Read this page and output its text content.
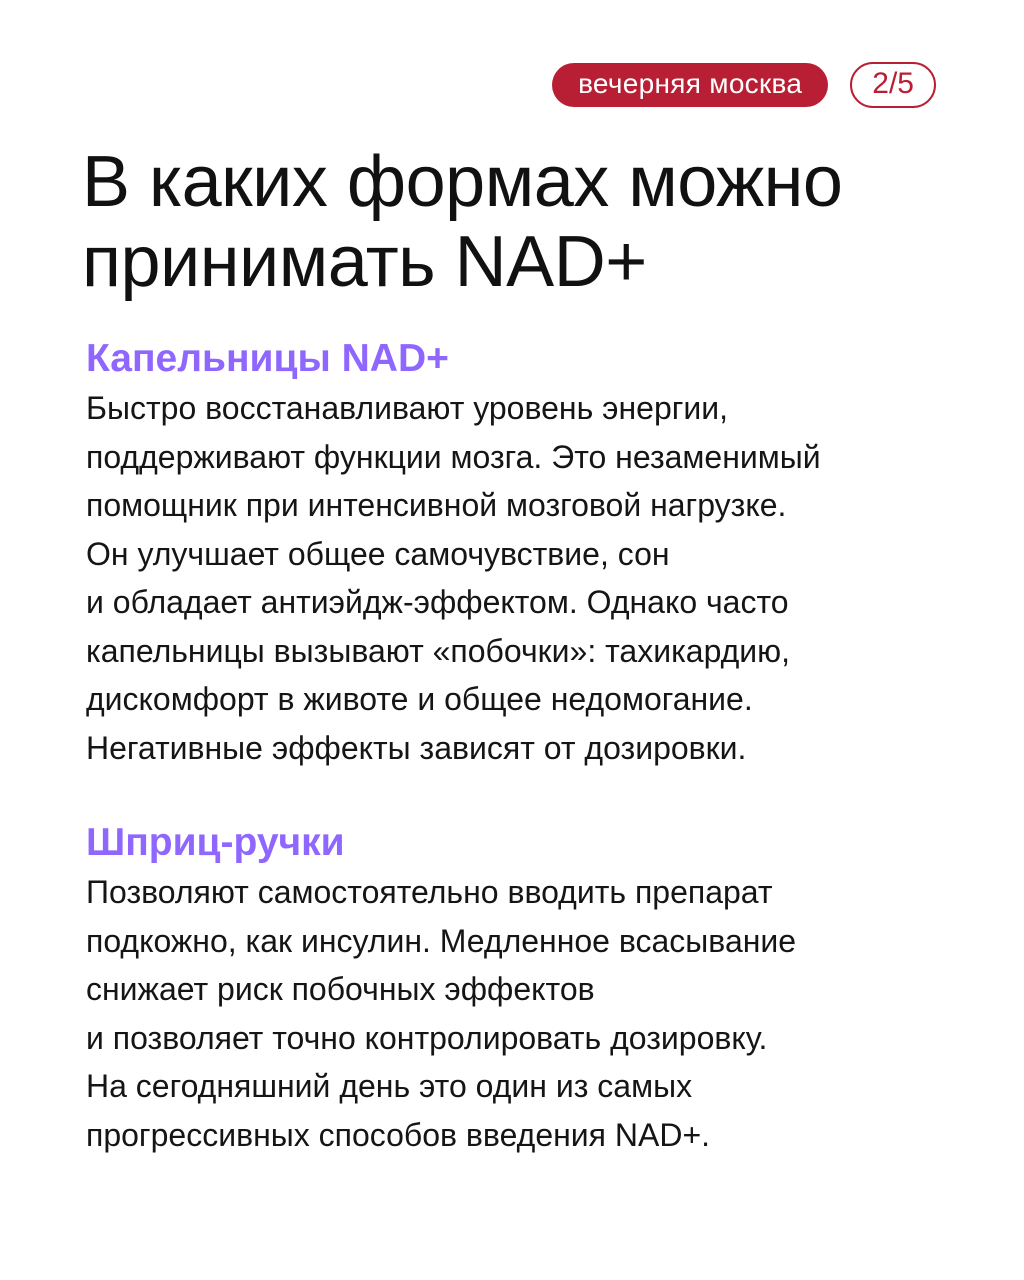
вечерняя москва	2/5
В каких формах можно
принимать NAD+
Капельницы NAD+
Быстро восстанавливают уровень энергии,
поддерживают функции мозга. Это незаменимый
помощник при интенсивной мозговой нагрузке.
Он улучшает общее самочувствие, сон
и обладает антиэйдж-эффектом. Однако часто
капельницы вызывают «побочки»: тахикардию,
дискомфорт в животе и общее недомогание.
Негативные эффекты зависят от дозировки.
Шприц-ручки
Позволяют самостоятельно вводить препарат
подкожно, как инсулин. Медленное всасывание
снижает риск побочных эффектов
и позволяет точно контролировать дозировку.
На сегодняшний день это один из самых
прогрессивных способов введения NAD+.
